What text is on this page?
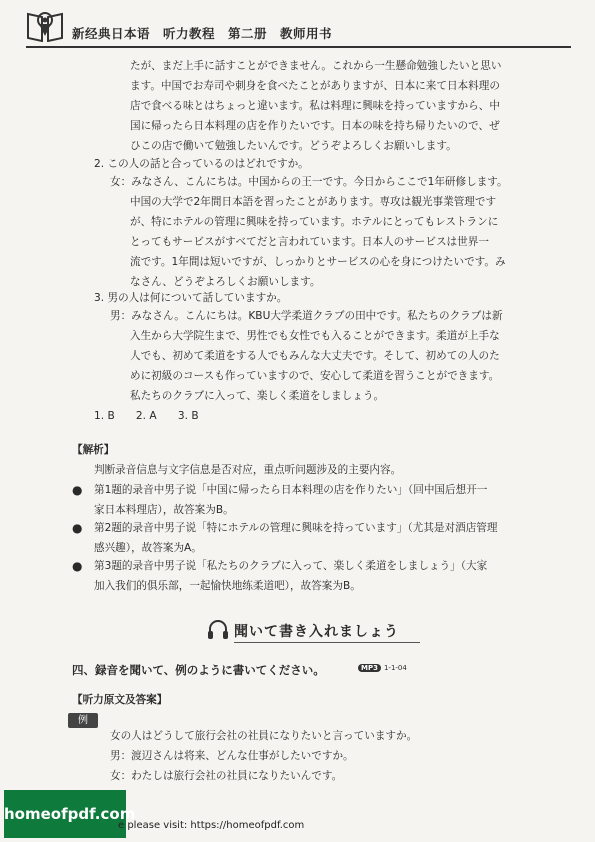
新经典日本语　听力教程　第二册　教师用书
たが、まだ上手に話すことができません。これから一生懸命勉強したいと思い
ます。中国でお寿司や刺身を食べたことがありますが、日本に来て日本料理の
店で食べる味とはちょっと違います。私は料理に興味を持っていますから、中
国に帰ったら日本料理の店を作りたいです。日本の味を持ち帰りたいので、ぜ
ひこの店で働いて勉強したいんです。どうぞよろしくお願いします。
2. この人の話と合っているのはどれですか。
女：みなさん、こんにちは。中国からの王一です。今日からここで1年研修します。
中国の大学で2年間日本語を習ったことがあります。専攻は観光事業管理です
が、特にホテルの管理に興味を持っています。ホテルにとってもレストランに
とってもサービスがすべてだと言われています。日本人のサービスは世界一
流です。1年間は短いですが、しっかりとサービスの心を身につけたいです。み
なさん、どうぞよろしくお願いします。
3. 男の人は何について話していますか。
男：みなさん。こんにちは。KBU大学柔道クラブの田中です。私たちのクラブは新
入生から大学院生まで、男性でも女性でも入ることができます。柔道が上手な
人でも、初めて柔道をする人でもみんな大丈夫です。そして、初めての人のた
めに初級のコースも作っていますので、安心して柔道を習うことができます。
私たちのクラブに入って、楽しく柔道をしましょう。
1. B　　2. A　　3. B
【解析】
判断录音信息与文字信息是否对应，重点听问题涉及的主要内容。
● 第1题的录音中男子说「中国に帰ったら日本料理の店を作りたい」（回中国后想开一
家日本料理店），故答案为B。
● 第2题的录音中男子说「特にホテルの管理に興味を持っています」（尤其是对酒店管理
感兴趣），故答案为A。
● 第3题的录音中男子说「私たちのクラブに入って、楽しく柔道をしましょう」（大家
加入我们的俱乐部，一起愉快地练柔道吧），故答案为B。
聞いて書き入れましょう
四、録音を聞いて、例のように書いてください。	MP3 1-1-04
【听力原文及答案】
例
女の人はどうして旅行会社の社員になりたいと言っていますか。
男：渡辺さんは将来、どんな仕事がしたいですか。
女：わたしは旅行会社の社員になりたいんです。
homeofpdf.com
e please visit: https://homeofpdf.com
